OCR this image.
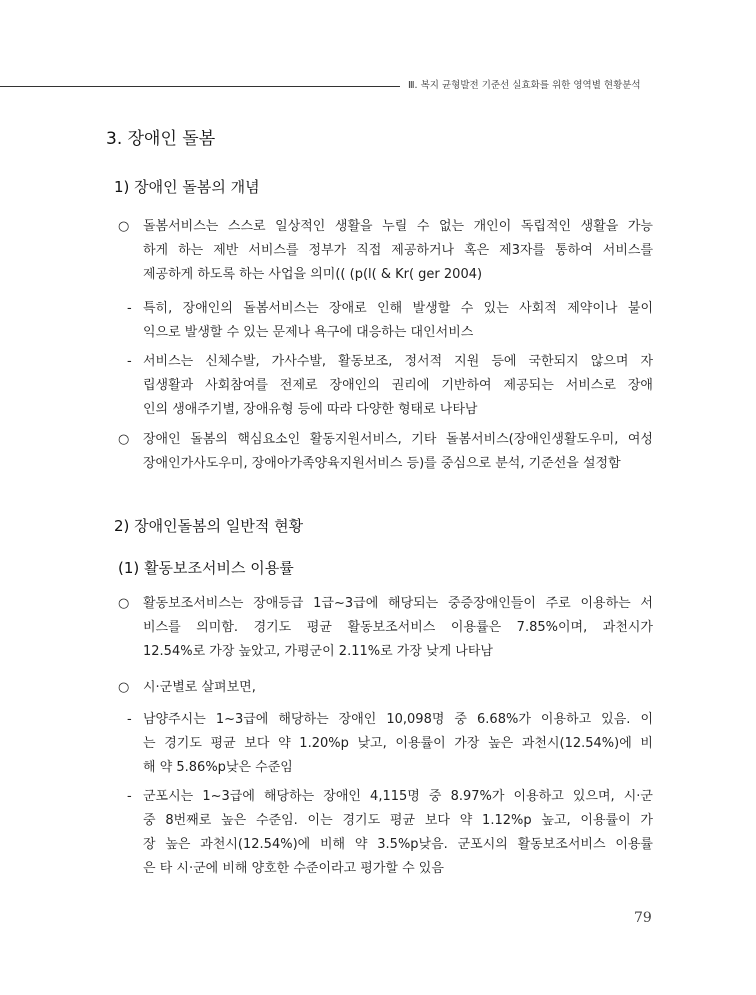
Ⅲ. 복지 균형발전 기준선 실효화를 위한 영역별 현황분석
3. 장애인 돌봄
1) 장애인 돌봄의 개념
○	돌봄서비스는 스스로 일상적인 생활을 누릴 수 없는 개인이 독립적인 생활을 가능
하게 하는 제반 서비스를 정부가 직접 제공하거나 혹은 제3자를 통하여 서비스를
제공하게 하도록 하는 사업을 의미(( (p(l( & Kr( ger 2004)
- 특히, 장애인의 돌봄서비스는 장애로 인해 발생할 수 있는 사회적 제약이나 불이
익으로 발생할 수 있는 문제나 욕구에 대응하는 대인서비스
- 서비스는 신체수발, 가사수발, 활동보조, 정서적 지원 등에 국한되지 않으며 자
립생활과 사회참여를 전제로 장애인의 권리에 기반하여 제공되는 서비스로 장애
인의 생애주기별, 장애유형 등에 따라 다양한 형태로 나타남
○	장애인 돌봄의 핵심요소인 활동지원서비스, 기타 돌봄서비스(장애인생활도우미, 여성
장애인가사도우미, 장애아가족양육지원서비스 등)를 중심으로 분석, 기준선을 설정함
2) 장애인돌봄의 일반적 현황
(1) 활동보조서비스 이용률
○	활동보조서비스는 장애등급 1급~3급에 해당되는 중증장애인들이 주로 이용하는 서
비스를 의미함. 경기도 평균 활동보조서비스 이용률은 7.85%이며, 과천시가
12.54%로 가장 높았고, 가평군이 2.11%로 가장 낮게 나타남
○	시·군별로 살펴보면,
- 남양주시는 1~3급에 해당하는 장애인 10,098명 중 6.68%가 이용하고 있음. 이
는 경기도 평균 보다 약 1.20%p 낮고, 이용률이 가장 높은 과천시(12.54%)에 비
해 약 5.86%p낮은 수준임
- 군포시는 1~3급에 해당하는 장애인 4,115명 중 8.97%가 이용하고 있으며, 시·군
중 8번째로 높은 수준임. 이는 경기도 평균 보다 약 1.12%p 높고, 이용률이 가
장 높은 과천시(12.54%)에 비해 약 3.5%p낮음. 군포시의 활동보조서비스 이용률
은 타 시·군에 비해 양호한 수준이라고 평가할 수 있음
79
